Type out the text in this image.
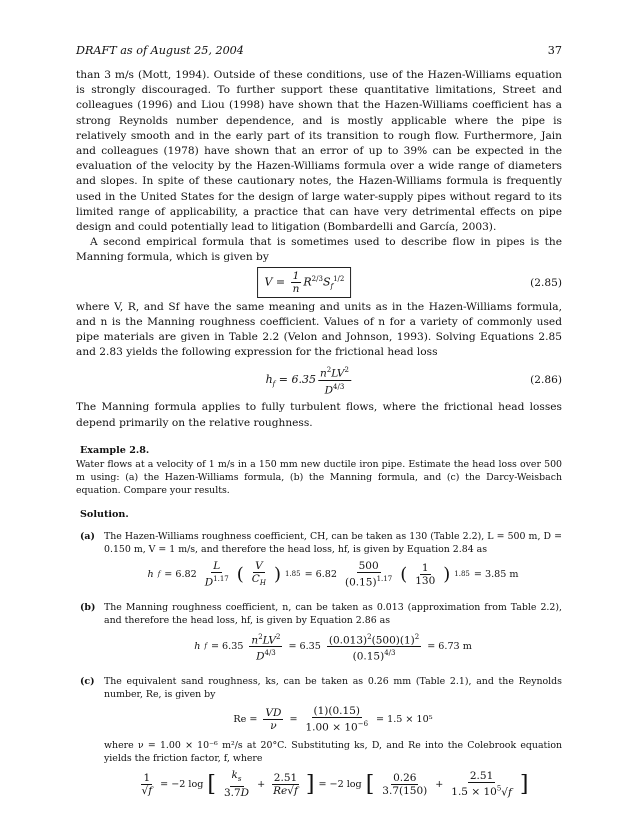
DRAFT as of August 25, 2004	37

than 3 m/s (Mott, 1994). Outside of these conditions, use of the Hazen-Williams equation is strongly discouraged. To further support these quantitative limitations, Street and colleagues (1996) and Liou (1998) have shown that the Hazen-Williams coefficient has a strong Reynolds number dependence, and is mostly applicable where the pipe is relatively smooth and in the early part of its transition to rough flow. Furthermore, Jain and colleagues (1978) have shown that an error of up to 39% can be expected in the evaluation of the velocity by the Hazen-Williams formula over a wide range of diameters and slopes. In spite of these cautionary notes, the Hazen-Williams formula is frequently used in the United States for the design of large water-supply pipes without regard to its limited range of applicability, a practice that can have very detrimental effects on pipe design and could potentially lead to litigation (Bombardelli and García, 2003).

A second empirical formula that is sometimes used to describe flow in pipes is the Manning formula, which is given by

$V = \frac{1}{n} R^{2/3}S_f^{1/2}$	(2.85)

where V, R, and Sf have the same meaning and units as in the Hazen-Williams formula, and n is the Manning roughness coefficient. Values of n for a variety of commonly used pipe materials are given in Table 2.2 (Velon and Johnson, 1993). Solving Equations 2.85 and 2.83 yields the following expression for the frictional head loss

$h_f = 6.35 \frac{n^2LV^2}{D^{4/3}}$	(2.86)

The Manning formula applies to fully turbulent flows, where the frictional head losses depend primarily on the relative roughness.

Example 2.8.

Water flows at a velocity of 1 m/s in a 150 mm new ductile iron pipe. Estimate the head loss over 500 m using: (a) the Hazen-Williams formula, (b) the Manning formula, and (c) the Darcy-Weisbach equation. Compare your results.

Solution.
(a) The Hazen-Williams roughness coefficient, CH, can be taken as 130 (Table 2.2), L = 500 m, D = 0.150 m, V = 1 m/s, and therefore the head loss, hf, is given by Equation 2.84 as
h $f = 6.82 \frac{L}{D^{1.17}}$ ( $\frac{V}{C_H}$ ) $1.85 = 6.82 \frac{500}{(0.15)^{1.17}}$ ( $\frac{1}{130}$ ) 1.85 = 3.85 m
(b) The Manning roughness coefficient, n, can be taken as 0.013 (approximation from Table 2.2), and therefore the head loss, hf, is given by Equation 2.86 as
h $f = 6.35 \frac{n^2LV^2}{D^{4/3}} = 6.35 \frac{(0.013)^2(500)(1)^2}{(0.15)^{4/3}} = 6.73$ m
(c)	The equivalent sand roughness, ks, can be taken as 0.26 mm (Table 2.1), and the Reynolds number, Re, is given by
$Re = \frac{VD}{\nu} = \frac{(1)(0.15)}{1.00 \times 10^{-6}} = 1.5 \times 10^5$
where ν = 1.00 × 10⁻⁶ m²/s at 20°C. Substituting ks, D, and Re into the Colebrook equation yields the friction factor, f, where
$\frac{1}{√f} = -2$ log [ $\frac{k_s}{3.7D} + \frac{2.51}{Re√f}$ ] = −2 log [ $\frac{0.26}{3.7(150)} + \frac{2.51}{1.5 \times 10^5√f}$ ]
